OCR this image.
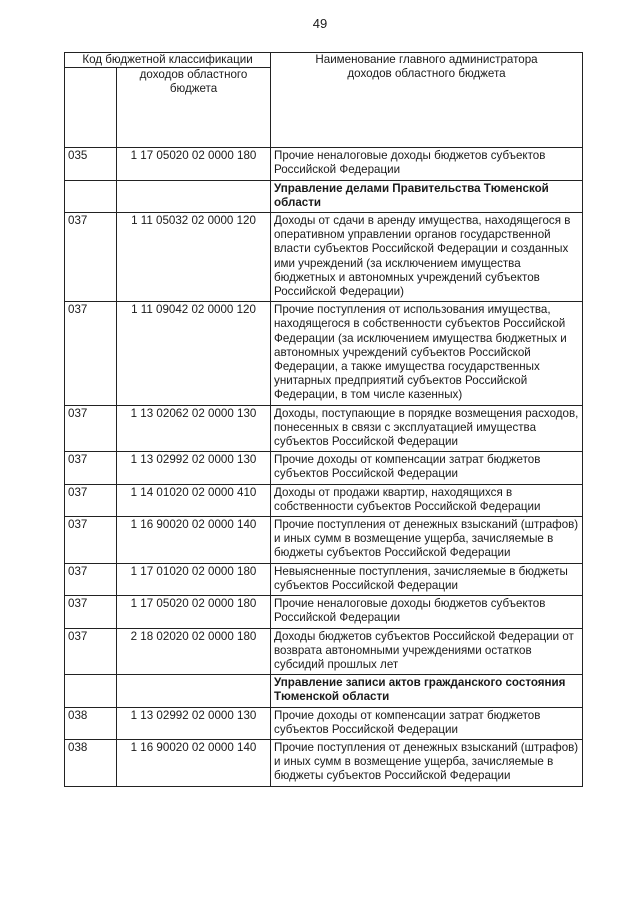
49
Код бюджетной классификации		Наименование главного администратора доходов областного бюджета
	доходов областного бюджета	
035	1 17 05020 02 0000 180	Прочие неналоговые доходы бюджетов субъектов Российской Федерации
		Управление делами Правительства Тюменской области
037	1 11 05032 02 0000 120	Доходы от сдачи в аренду имущества, находящегося в оперативном управлении органов государственной власти субъектов Российской Федерации и созданных ими учреждений (за исключением имущества бюджетных и автономных учреждений субъектов Российской Федерации)
037	1 11 09042 02 0000 120	Прочие поступления от использования имущества, находящегося в собственности субъектов Российской Федерации (за исключением имущества бюджетных и автономных учреждений субъектов Российской Федерации, а также имущества государственных унитарных предприятий субъектов Российской Федерации, в том числе казенных)
037	1 13 02062 02 0000 130	Доходы, поступающие в порядке возмещения расходов, понесенных в связи с эксплуатацией имущества субъектов Российской Федерации
037	1 13 02992 02 0000 130	Прочие доходы от компенсации затрат бюджетов субъектов Российской Федерации
037	1 14 01020 02 0000 410	Доходы от продажи квартир, находящихся в собственности субъектов Российской Федерации
037	1 16 90020 02 0000 140	Прочие поступления от денежных взысканий (штрафов) и иных сумм в возмещение ущерба, зачисляемые в бюджеты субъектов Российской Федерации
037	1 17 01020 02 0000 180	Невыясненные поступления, зачисляемые в бюджеты субъектов Российской Федерации
037	1 17 05020 02 0000 180	Прочие неналоговые доходы бюджетов субъектов Российской Федерации
037	2 18 02020 02 0000 180	Доходы бюджетов субъектов Российской Федерации от возврата автономными учреждениями остатков субсидий прошлых лет
		Управление записи актов гражданского состояния Тюменской области
038	1 13 02992 02 0000 130	Прочие доходы от компенсации затрат бюджетов субъектов Российской Федерации
038	1 16 90020 02 0000 140	Прочие поступления от денежных взысканий (штрафов) и иных сумм в возмещение ущерба, зачисляемые в бюджеты субъектов Российской Федерации
